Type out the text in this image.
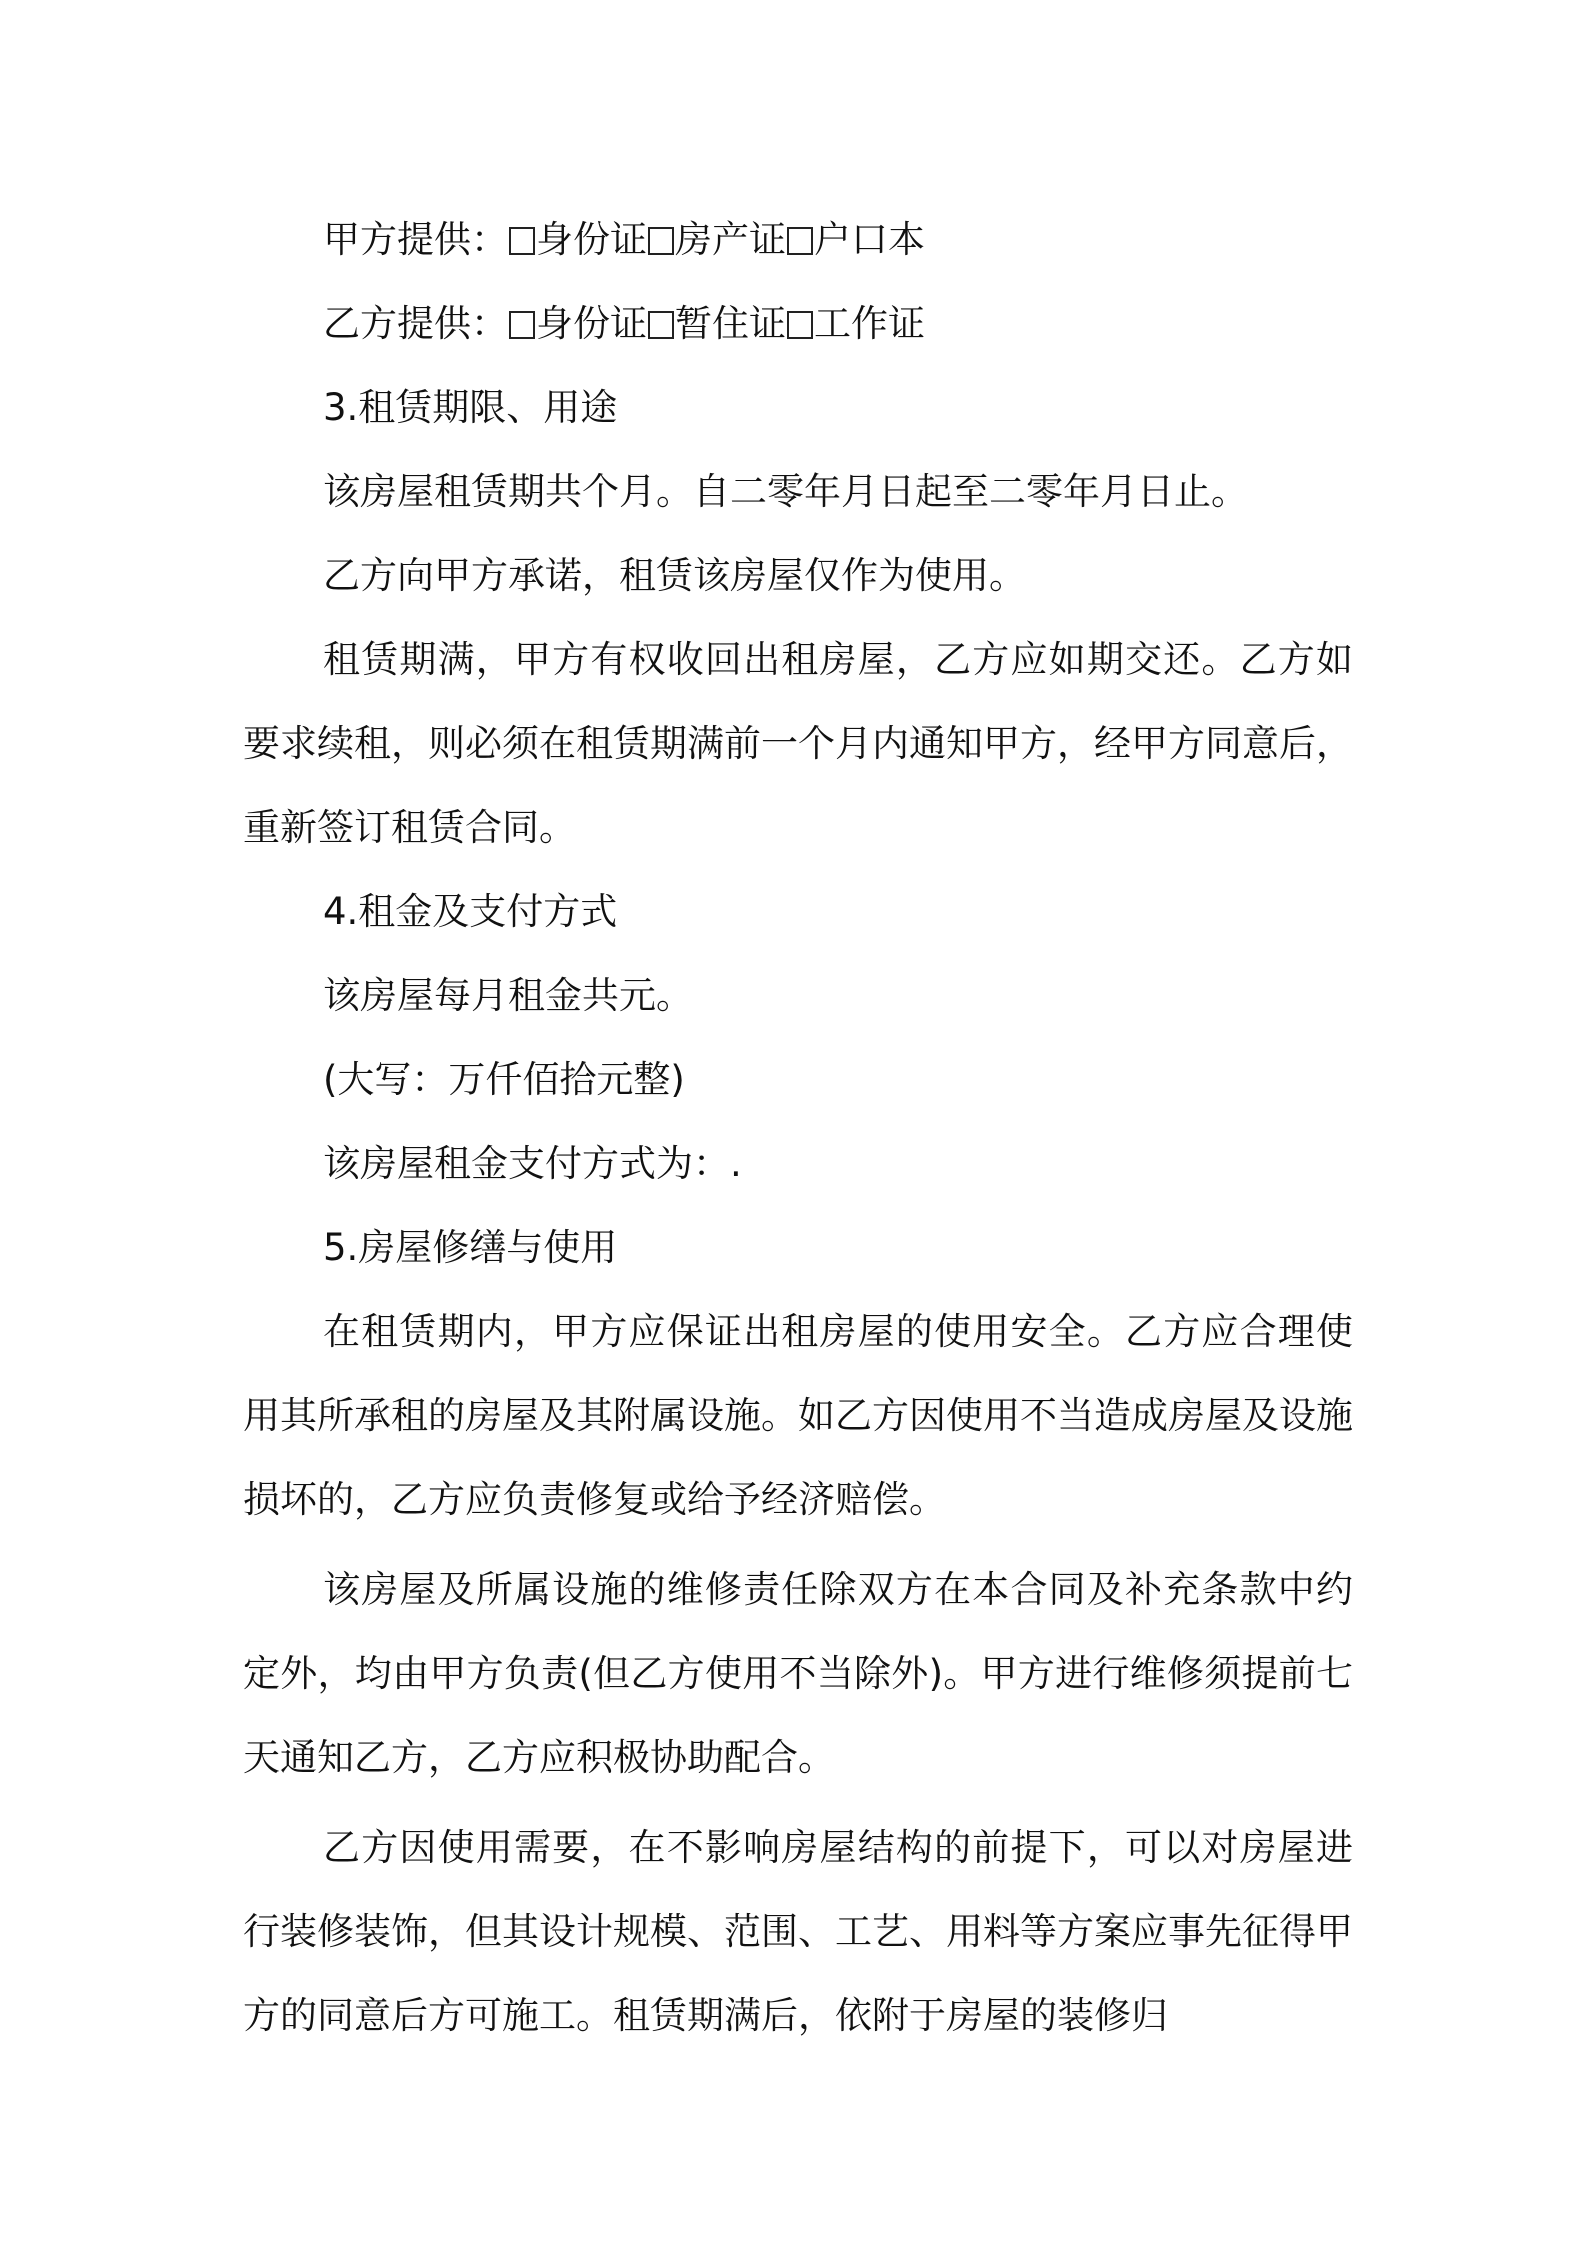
甲方提供： 身份证 房产证 户口本
乙方提供： 身份证 暂住证 工作证
3.租赁期限、用途
该房屋租赁期共个月。自二零年月日起至二零年月日止。
乙方向甲方承诺，租赁该房屋仅作为使用。

租赁期满，甲方有权收回出租房屋，乙方应如期交还。乙方如要求续租，则必须在租赁期满前一个月内通知甲方，经甲方同意后，重新签订租赁合同。

4.租金及支付方式
该房屋每月租金共元。
(大写：万仟佰拾元整)
该房屋租金支付方式为：.
5.房屋修缮与使用

在租赁期内，甲方应保证出租房屋的使用安全。乙方应合理使用其所承租的房屋及其附属设施。如乙方因使用不当造成房屋及设施损坏的，乙方应负责修复或给予经济赔偿。

该房屋及所属设施的维修责任除双方在本合同及补充条款中约定外，均由甲方负责(但乙方使用不当除外)。甲方进行维修须提前七天通知乙方，乙方应积极协助配合。

乙方因使用需要，在不影响房屋结构的前提下，可以对房屋进行装修装饰，但其设计规模、范围、工艺、用料等方案应事先征得甲方的同意后方可施工。租赁期满后，依附于房屋的装修归
